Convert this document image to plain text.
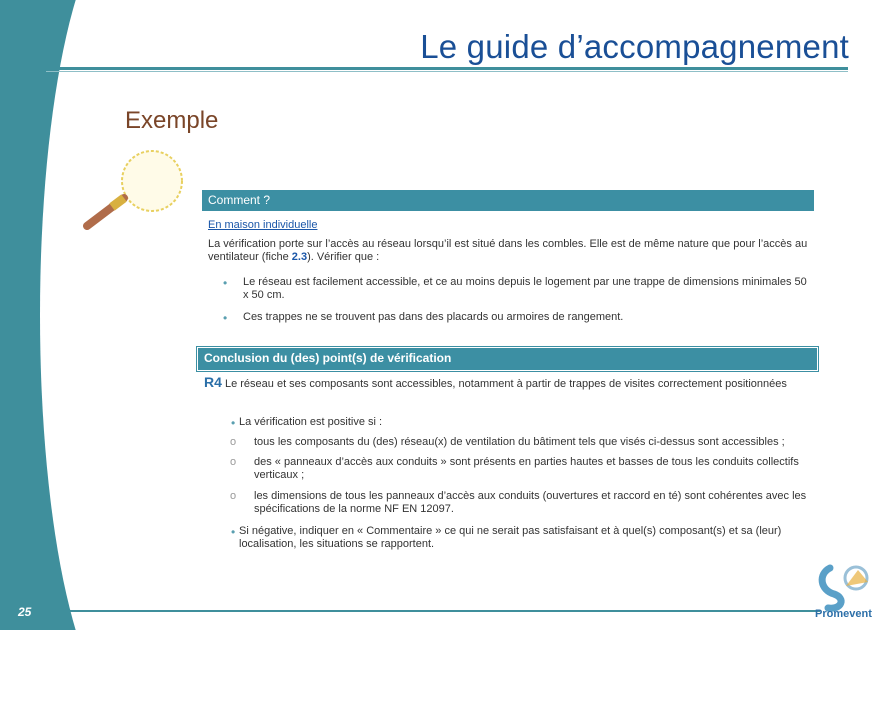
Le guide d’accompagnement
Exemple
Comment ?
En maison individuelle
La vérification porte sur l’accès au réseau lorsqu’il est situé dans les combles. Elle est de même nature que pour l’accès au ventilateur (fiche 2.3). Vérifier que :
• Le réseau est facilement accessible, et ce au moins depuis le logement par une trappe de dimensions minimales 50 x 50 cm.
• Ces trappes ne se trouvent pas dans des placards ou armoires de rangement.
Conclusion du (des) point(s) de vérification
R4 Le réseau et ses composants sont accessibles, notamment à partir de trappes de visites correctement positionnées
• La vérification est positive si :
o tous les composants du (des) réseau(x) de ventilation du bâtiment tels que visés ci-dessus sont accessibles ;
o des « panneaux d’accès aux conduits » sont présents en parties hautes et basses de tous les conduits collectifs verticaux ;
o les dimensions de tous les panneaux d’accès aux conduits (ouvertures et raccord en té) sont cohérentes avec les spécifications de la norme NF EN 12097.
• Si négative, indiquer en « Commentaire » ce qui ne serait pas satisfaisant et à quel(s) composant(s) et sa (leur) localisation, les situations se rapportent.
25	Promevent
